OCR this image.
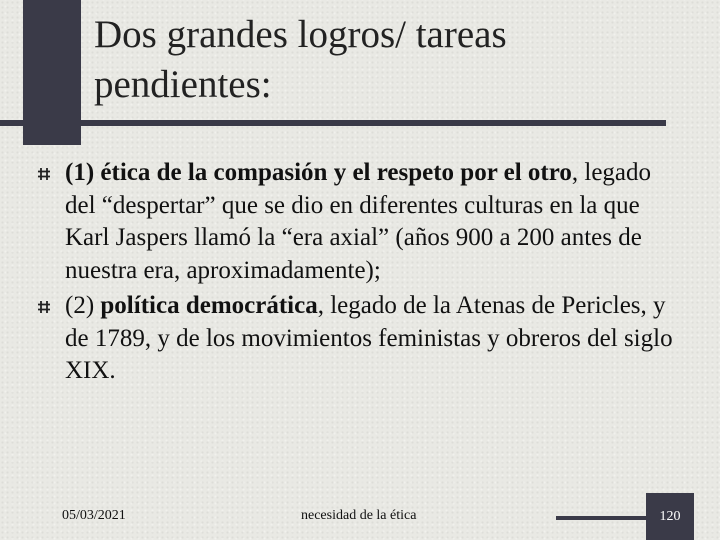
Dos grandes logros/ tareas
pendientes:
(1) ética de la compasión y el respeto por el otro, legado del “despertar” que se dio en diferentes culturas en la que Karl Jaspers llamó la “era axial” (años 900 a 200 antes de nuestra era, aproximadamente);
(2) política democrática, legado de la Atenas de Pericles, y de 1789, y de los movimientos feministas y obreros del siglo XIX.
05/03/2021	necesidad de la ética	120
